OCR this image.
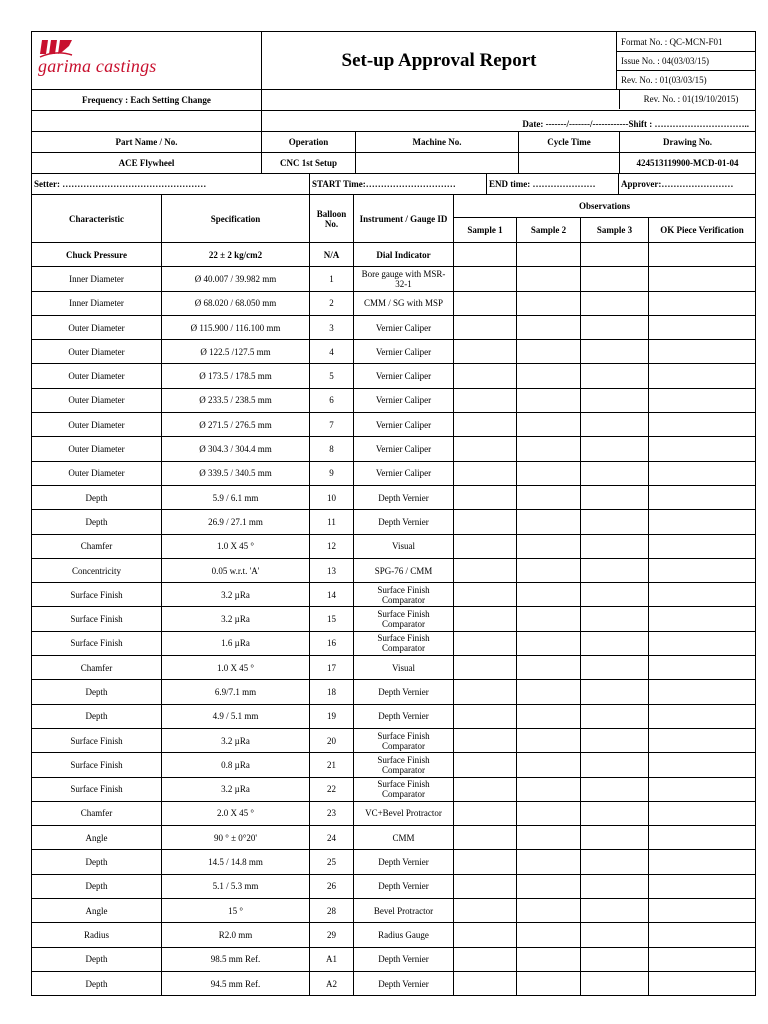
garima castings	Set-up Approval Report	Format No. : QC-MCN-F01
		Issue No. : 04(03/03/15)
		Rev. No. : 01(03/03/15)
Frequency : Each Setting Change	Rev. No. : 01(19/10/2015)	

	Date: -------/-------/------------Shift : …………………………..	
Part Name / No.	Operation	Machine No.	Cycle Time	Drawing No.
ACE Flywheel	CNC 1st Setup			424513119900-MCD-01-04
Setter: …………………………………………	START Time:…………………………	END time: …………………	Approver:……………………
Characteristic	Specification	Balloon No.	Instrument / Gauge ID	Observations			
				Sample 1	Sample 2	Sample 3	OK Piece Verification
Chuck Pressure	22 ± 2 kg/cm2	N/A	Dial Indicator				
Inner Diameter	Ø 40.007 / 39.982 mm	1	Bore gauge with MSR-32-1				
Inner Diameter	Ø 68.020 / 68.050 mm	2	CMM / SG with MSP				
Outer Diameter	Ø 115.900 / 116.100 mm	3	Vernier Caliper				
Outer Diameter	Ø 122.5 /127.5 mm	4	Vernier Caliper				
Outer Diameter	Ø 173.5 / 178.5 mm	5	Vernier Caliper				
Outer Diameter	Ø 233.5 / 238.5 mm	6	Vernier Caliper				
Outer Diameter	Ø 271.5 / 276.5 mm	7	Vernier Caliper				
Outer Diameter	Ø 304.3 / 304.4 mm	8	Vernier Caliper				
Outer Diameter	Ø 339.5 / 340.5 mm	9	Vernier Caliper				
Depth	5.9 / 6.1 mm	10	Depth Vernier				
Depth	26.9 / 27.1 mm	11	Depth Vernier				
Chamfer	1.0 X 45 °	12	Visual				
Concentricity	0.05 w.r.t. 'A'	13	SPG-76 / CMM				
Surface Finish	3.2 µRa	14	Surface Finish Comparator				
Surface Finish	3.2 µRa	15	Surface Finish Comparator				
Surface Finish	1.6 µRa	16	Surface Finish Comparator				
Chamfer	1.0 X 45 °	17	Visual				
Depth	6.9/7.1 mm	18	Depth Vernier				
Depth	4.9 / 5.1 mm	19	Depth Vernier				
Surface Finish	3.2 µRa	20	Surface Finish Comparator				
Surface Finish	0.8 µRa	21	Surface Finish Comparator				
Surface Finish	3.2 µRa	22	Surface Finish Comparator				
Chamfer	2.0 X 45 °	23	VC+Bevel Protractor				
Angle	90 ° ± 0°20'	24	CMM				
Depth	14.5 / 14.8 mm	25	Depth Vernier				
Depth	5.1 / 5.3 mm	26	Depth Vernier				
Angle	15 °	28	Bevel Protractor				
Radius	R2.0 mm	29	Radius Gauge				
Depth	98.5 mm Ref.	A1	Depth Vernier				
Depth	94.5 mm Ref.	A2	Depth Vernier				
